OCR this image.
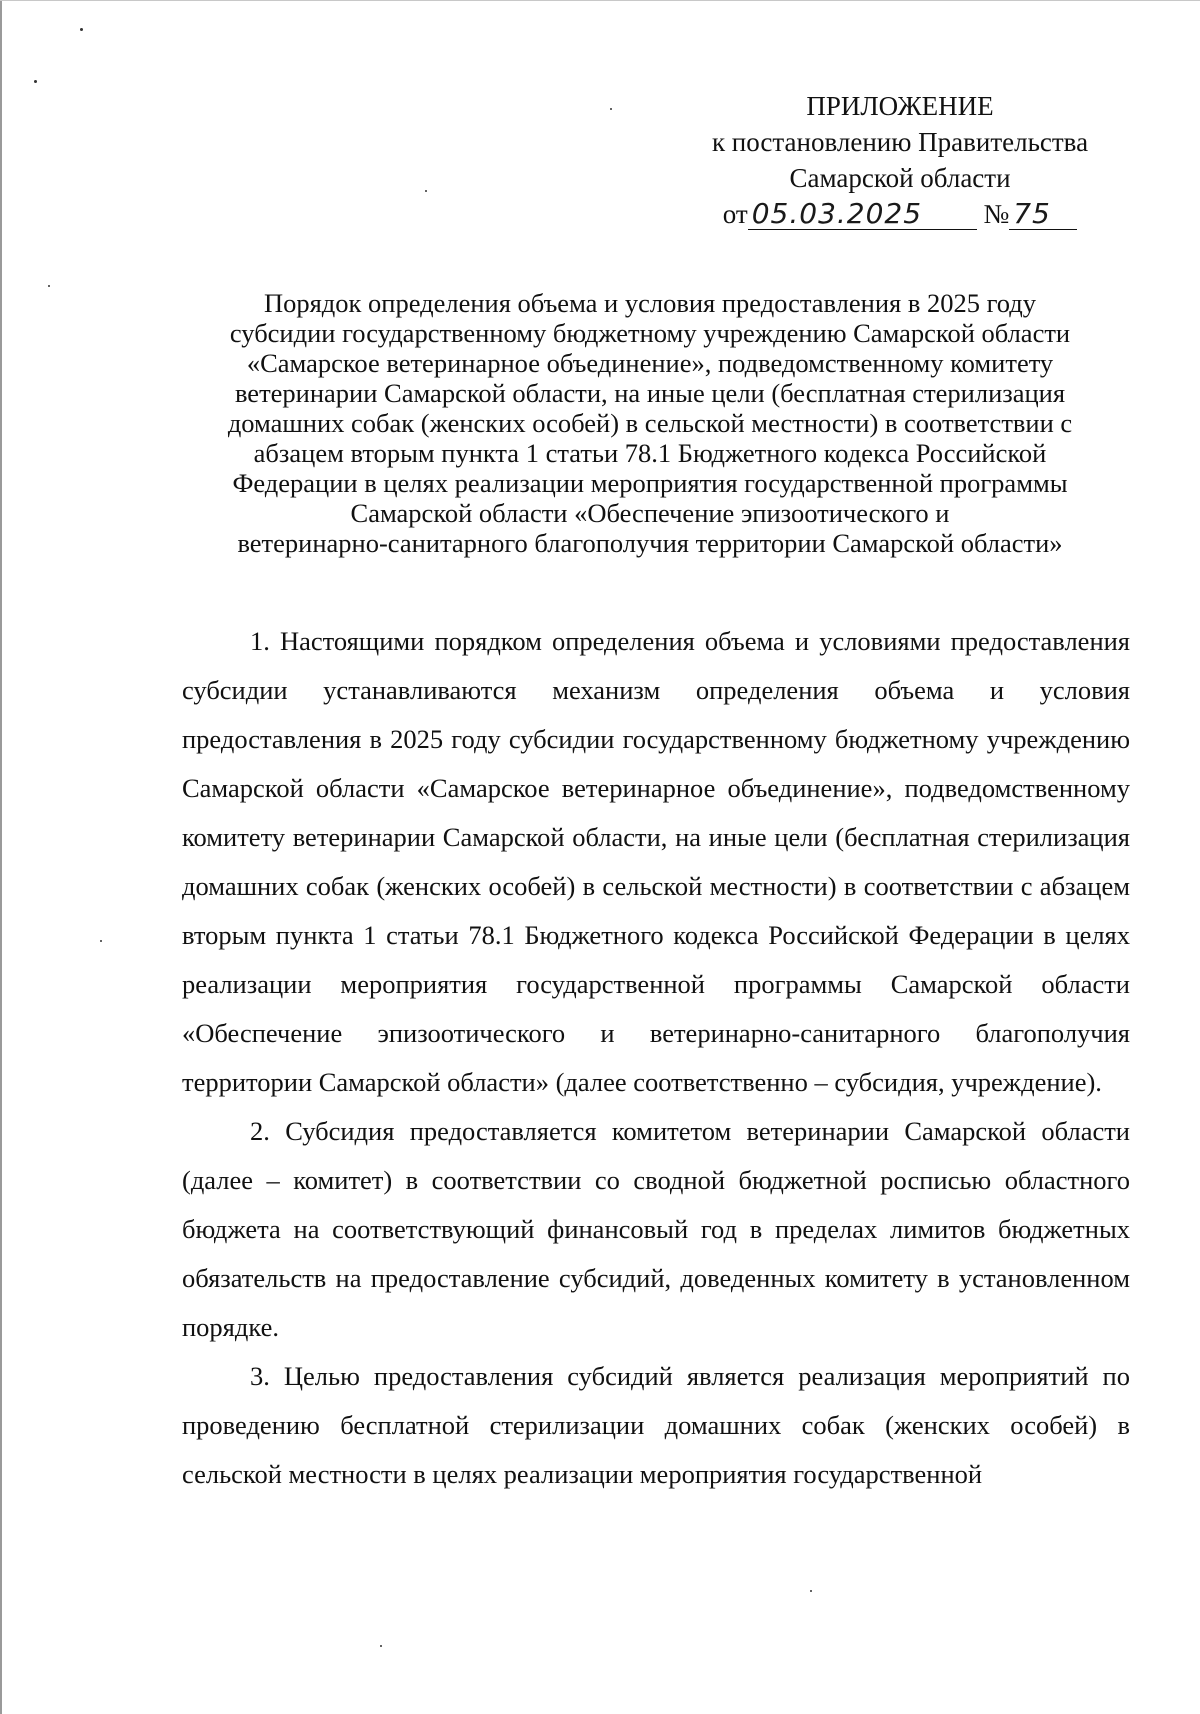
ПРИЛОЖЕНИЕ
к постановлению Правительства
Самарской области
от 05.03.2025 № 75
Порядок определения объема и условия предоставления в 2025 году
субсидии государственному бюджетному учреждению Самарской области
«Самарское ветеринарное объединение», подведомственному комитету
ветеринарии Самарской области, на иные цели (бесплатная стерилизация
домашних собак (женских особей) в сельской местности) в соответствии с
абзацем вторым пункта 1 статьи 78.1 Бюджетного кодекса Российской
Федерации в целях реализации мероприятия государственной программы
Самарской области «Обеспечение эпизоотического и
ветеринарно-санитарного благополучия территории Самарской области»

1. Настоящими порядком определения объема и условиями предоставления субсидии устанавливаются механизм определения объема и условия предоставления в 2025 году субсидии государственному бюджетному учреждению Самарской области «Самарское ветеринарное объединение», подведомственному комитету ветеринарии Самарской области, на иные цели (бесплатная стерилизация домашних собак (женских особей) в сельской местности) в соответствии с абзацем вторым пункта 1 статьи 78.1 Бюджетного кодекса Российской Федерации в целях реализации мероприятия государственной программы Самарской области «Обеспечение эпизоотического и ветеринарно-санитарного благополучия территории Самарской области» (далее соответственно – субсидия, учреждение).

2. Субсидия предоставляется комитетом ветеринарии Самарской области (далее – комитет) в соответствии со сводной бюджетной росписью областного бюджета на соответствующий финансовый год в пределах лимитов бюджетных обязательств на предоставление субсидий, доведенных комитету в установленном порядке.

3. Целью предоставления субсидий является реализация мероприятий по проведению бесплатной стерилизации домашних собак (женских особей) в сельской местности в целях реализации мероприятия государственной
